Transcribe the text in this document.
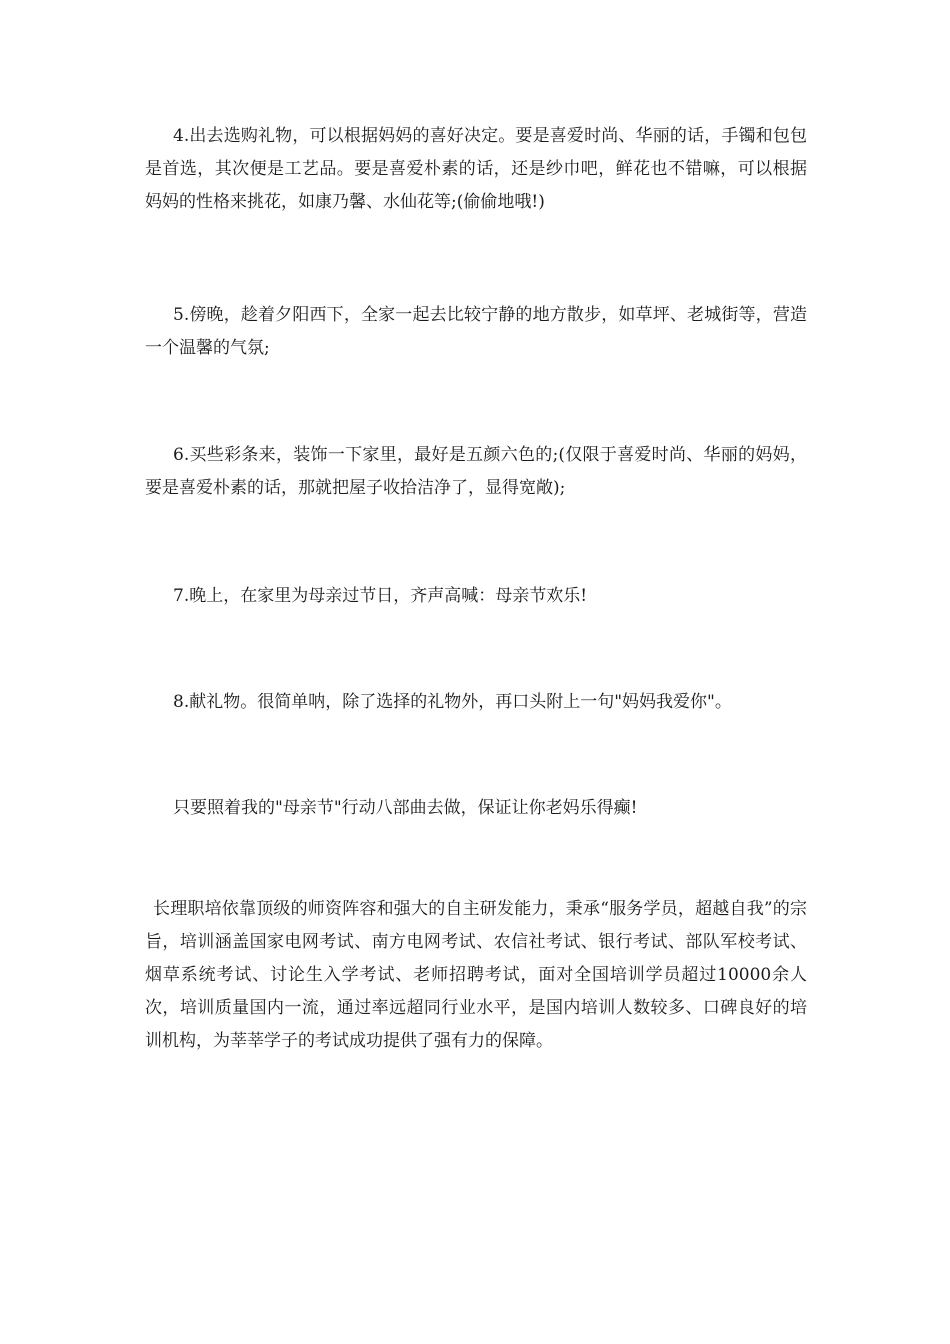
4.出去选购礼物，可以根据妈妈的喜好决定。要是喜爱时尚、华丽的话，手镯和包包是首选，其次便是工艺品。要是喜爱朴素的话，还是纱巾吧，鲜花也不错嘛，可以根据妈妈的性格来挑花，如康乃馨、水仙花等;(偷偷地哦!)

5.傍晚，趁着夕阳西下，全家一起去比较宁静的地方散步，如草坪、老城街等，营造一个温馨的气氛;

6.买些彩条来，装饰一下家里，最好是五颜六色的;(仅限于喜爱时尚、华丽的妈妈，要是喜爱朴素的话，那就把屋子收拾洁净了，显得宽敞);

7.晚上，在家里为母亲过节日，齐声高喊：母亲节欢乐!

8.献礼物。很简单呐，除了选择的礼物外，再口头附上一句"妈妈我爱你"。

只要照着我的"母亲节"行动八部曲去做，保证让你老妈乐得癫!

长理职培依靠顶级的师资阵容和强大的自主研发能力，秉承“服务学员，超越自我”的宗旨，培训涵盖国家电网考试、南方电网考试、农信社考试、银行考试、部队军校考试、烟草系统考试、讨论生入学考试、老师招聘考试，面对全国培训学员超过10000余人次，培训质量国内一流，通过率远超同行业水平，是国内培训人数较多、口碑良好的培训机构，为莘莘学子的考试成功提供了强有力的保障。
